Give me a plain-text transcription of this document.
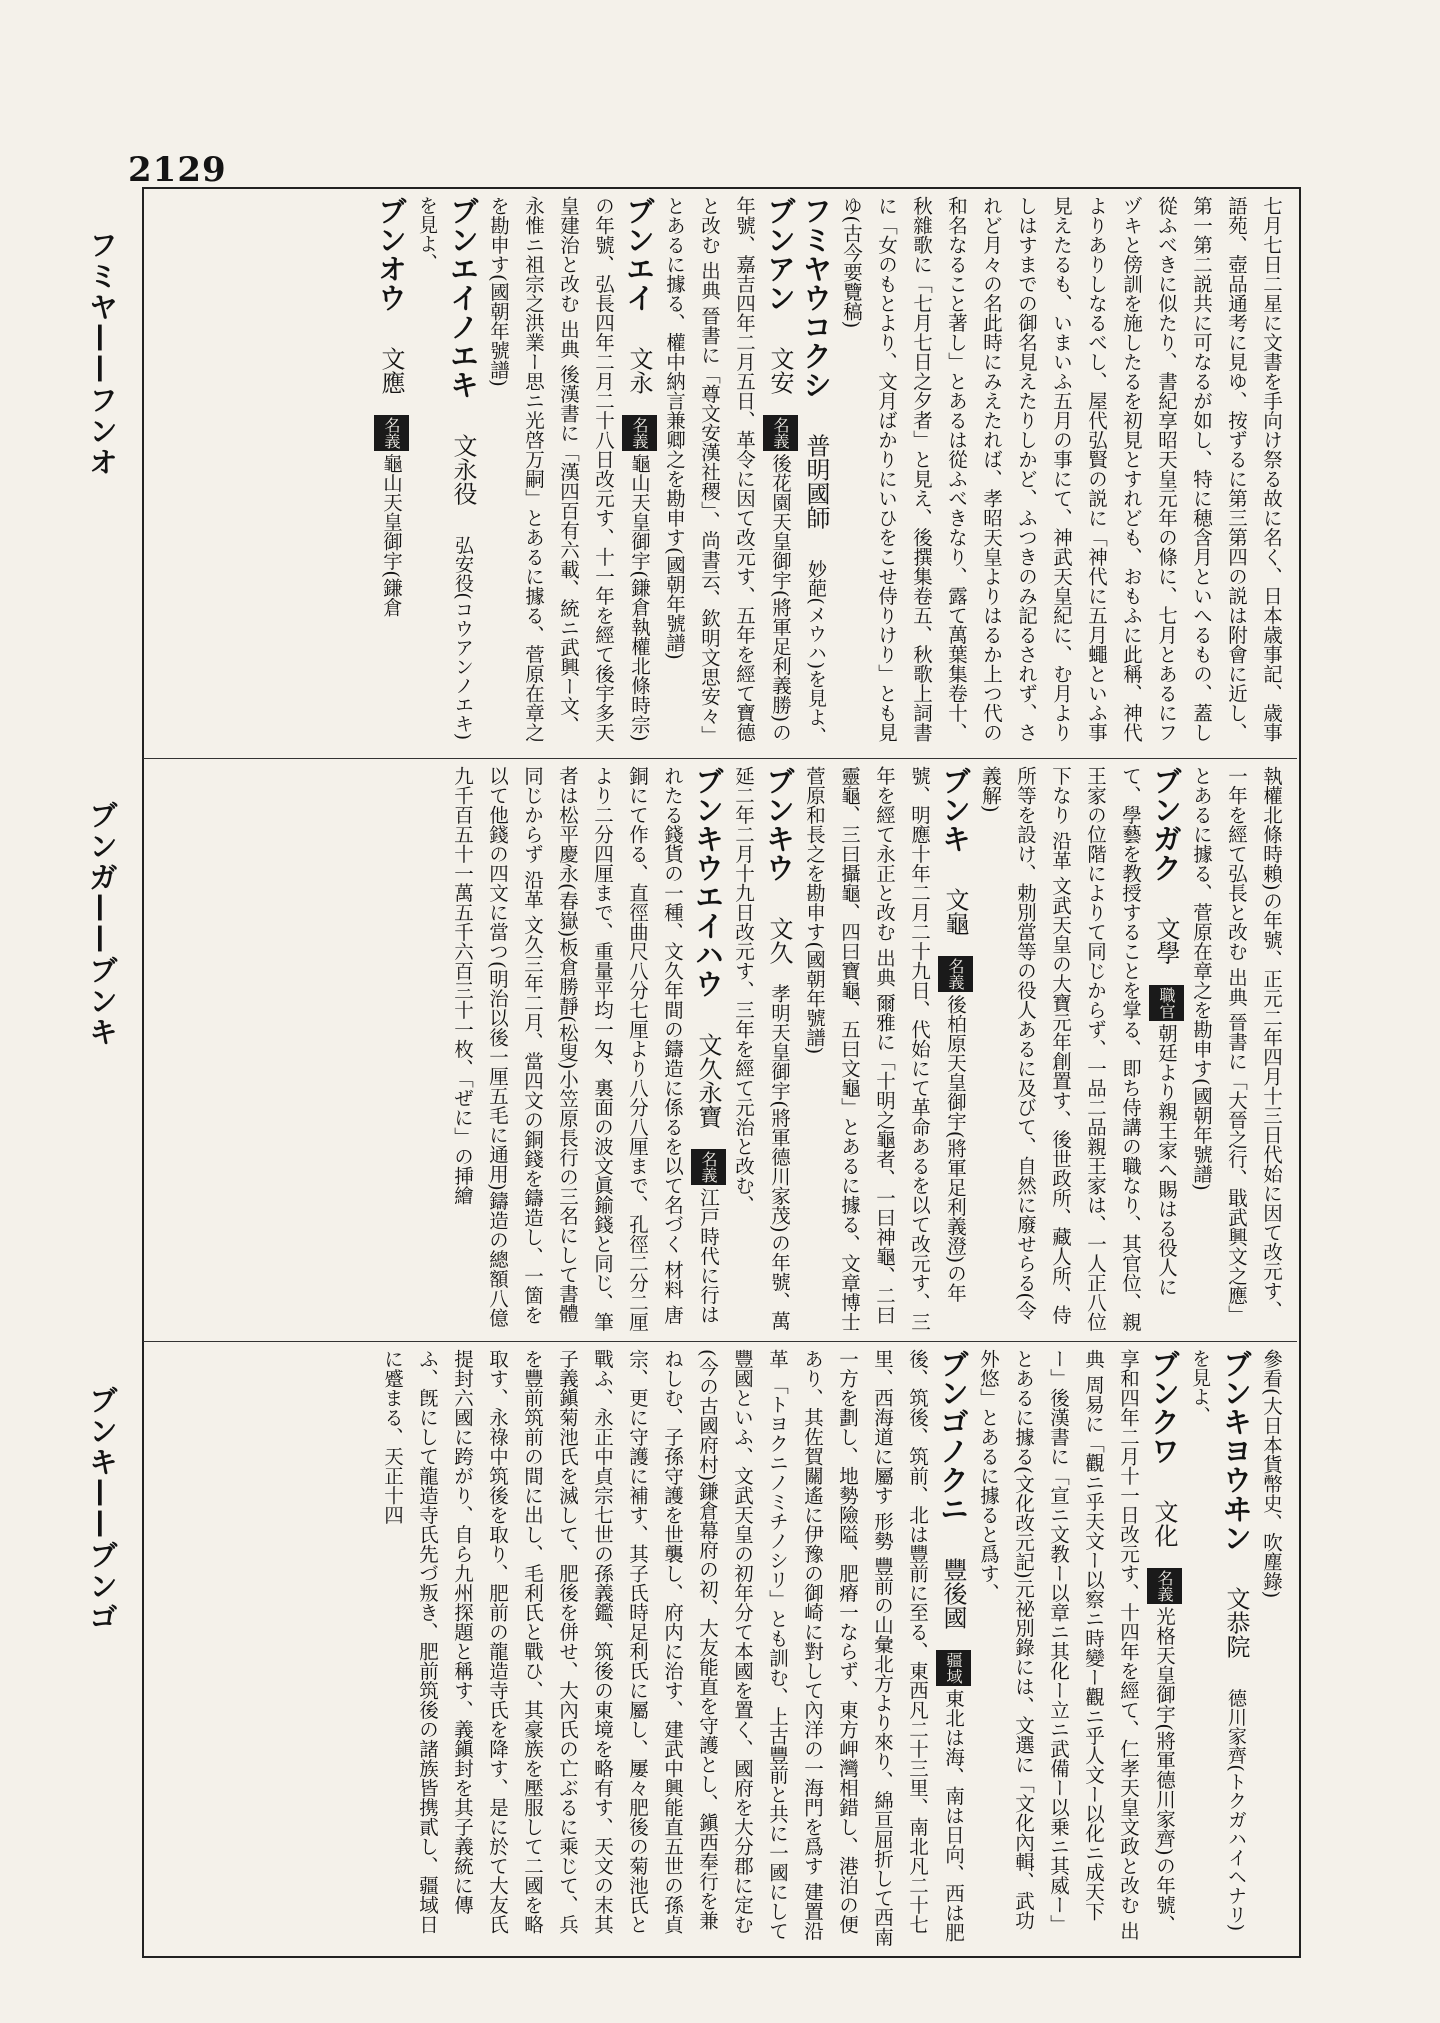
2129
フミヤ——フンオ
ブンガ——ブンキ
ブンキ——ブンゴ
七月七日二星に文書を手向け祭る故に名く、日本歳事記、歳事語苑、壺品通考に見ゆ、按ずるに第三第四の説は附會に近し、第一第二説共に可なるが如し、特に穂含月といへるもの、蓋し從ふべきに似たり、書紀享昭天皇元年の條に、七月とあるにフヅキと傍訓を施したるを初見とすれども、おもふに此稱、神代よりありしなるべし、屋代弘賢の説に「神代に五月蠅といふ事見えたるも、いまいふ五月の事にて、神武天皇紀に、む月よりしはすまでの御名見えたりしかど、ふつきのみ記るされず、されど月々の名此時にみえたれば、孝昭天皇よりはるか上つ代の和名なること著し」とあるは從ふべきなり、露て萬葉集卷十、秋雜歌に「七月七日之夕者」と見え、後撰集卷五、秋歌上詞書に「女のもとより、文月ばかりにいひをこせ侍りけり」とも見ゆ(古今要覽稿)
フミヤウコクシ　普明國師　妙葩(メウハ)を見よ、
ブンアン　文安　名義後花園天皇御宇(將軍足利義勝)の年號、嘉吉四年二月五日、革令に因て改元す、五年を經て寶德と改む 出典 晉書に「尊文安漢社稷」、尚書云、欽明文思安々」とあるに據る、權中納言兼卿之を勘申す(國朝年號譜)
ブンエイ　文永　名義龜山天皇御宇(鎌倉執權北條時宗)の年號、弘長四年二月二十八日改元す、十一年を經て後宇多天皇建治と改む 出典 後漢書に「漢四百有六載、統ニ武興ー文、永惟ニ祖宗之洪業ー思ニ光啓万嗣」とあるに據る、菅原在章之を勘申す(國朝年號譜)
ブンエイノエキ　文永役　弘安役(コウアンノエキ)を見よ、
ブンオウ　文應　名義龜山天皇御宇(鎌倉
執權北條時賴)の年號、正元二年四月十三日代始に因て改元す、一年を經て弘長と改む 出典 晉書に「大晉之行、戢武興文之應」とあるに據る、菅原在章之を勘申す(國朝年號譜)
ブンガク　文學　職官朝廷より親王家へ賜はる役人にて、學藝を教授することを掌る、即ち侍講の職なり、其官位、親王家の位階によりて同じからず、一品二品親王家は、一人正八位下なり 沿革 文武天皇の大寶元年創置す、後世政所、藏人所、侍所等を設け、勅別當等の役人あるに及びて、自然に廢せらる(令義解)
ブンキ　文龜　名義後柏原天皇御宇(將軍足利義澄)の年號、明應十年二月二十九日、代始にて革命あるを以て改元す、三年を經て永正と改む 出典 爾雅に「十明之龜者、一曰神龜、二曰靈龜、三曰攝龜、四曰寶龜、五曰文龜」とあるに據る、文章博士菅原和長之を勘申す(國朝年號譜)
ブンキウ　文久　孝明天皇御宇(將軍德川家茂)の年號、萬延二年二月十九日改元す、三年を經て元治と改む、
ブンキウエイハウ　文久永寶　名義江戸時代に行はれたる錢貨の一種、文久年間の鑄造に係るを以て名づく 材料 唐銅にて作る、直徑曲尺八分七厘より八分八厘まで、孔徑二分二厘より二分四厘まで、重量平均一匁、裏面の波文眞鍮錢と同じ、筆者は松平慶永(春嶽)板倉勝靜(松叟)小笠原長行の三名にして書體同じからず 沿革 文久三年二月、當四文の銅錢を鑄造し、一箇を以て他錢の四文に當つ(明治以後一厘五毛に通用)鑄造の總額八億九千百五十一萬五千六百三十一枚、「ぜに」の挿繪
參看(大日本貨幣史、吹塵錄)
ブンキヨウヰン　文恭院　德川家齊(トクガハイヘナリ)を見よ、
ブンクワ　文化　名義光格天皇御宇(將軍德川家齊)の年號、享和四年二月十一日改元す、十四年を經て、仁孝天皇文政と改む 出典 周易に「觀ニ乎天文ー以察ニ時變ー觀ニ乎人文ー以化ニ成天下ー」後漢書に「宣ニ文教ー以章ニ其化ー立ニ武備ー以乗ニ其威ー」とあるに據る(文化改元記)元祕別錄には、文選に「文化內輯、武功外悠」とあるに據ると爲す、
ブンゴノクニ　豐後國　疆域東北は海、南は日向、西は肥後、筑後、筑前、北は豐前に至る、東西凡二十三里、南北凡二十七里、西海道に屬す 形勢 豐前の山彙北方より來り、綿亘屈折して西南一方を劃し、地勢險隘、肥瘠一ならず、東方岬灣相錯し、港泊の便あり、其佐賀關遙に伊豫の御崎に對して內洋の一海門を爲す 建置沿革 「トヨクニノミチノシリ」とも訓む、上古豐前と共に一國にして豐國といふ、文武天皇の初年分て本國を置く、國府を大分郡に定む(今の古國府村)鎌倉幕府の初、大友能直を守護とし、鎭西奉行を兼ねしむ、子孫守護を世襲し、府内に治す、建武中興能直五世の孫貞宗、更に守護に補す、其子氏時足利氏に屬し、屢々肥後の菊池氏と戰ふ、永正中貞宗七世の孫義鑑、筑後の東境を略有す、天文の末其子義鎭菊池氏を滅して、肥後を併せ、大內氏の亡ぶるに乘じて、兵を豐前筑前の間に出し、毛利氏と戰ひ、其豪族を壓服して二國を略取す、永祿中筑後を取り、肥前の龍造寺氏を降す、是に於て大友氏提封六國に跨がり、自ら九州探題と稱す、義鎭封を其子義統に傳ふ、旣にして龍造寺氏先づ叛き、肥前筑後の諸族皆携貳し、疆域日に蹙まる、天正十四
